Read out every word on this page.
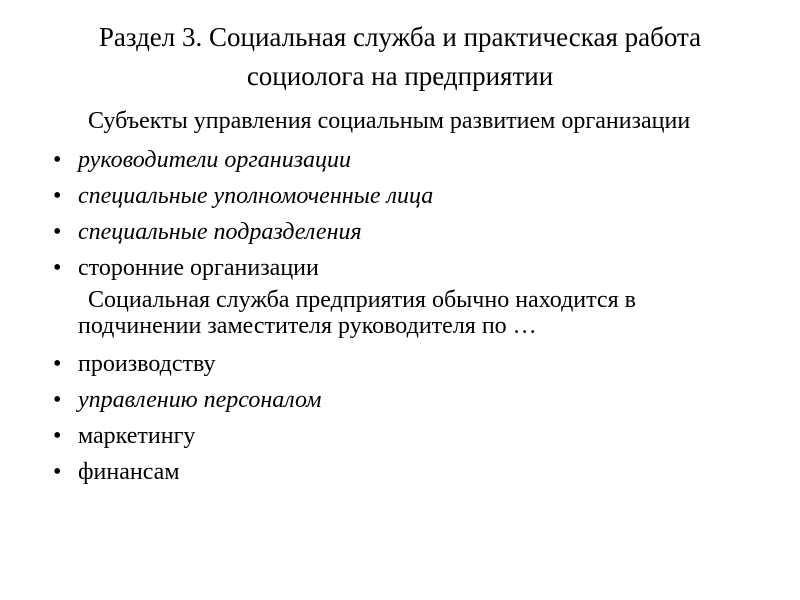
Раздел 3. Социальная служба и практическая работа
социолога на предприятии

Субъекты управления социальным развитием организации

• руководители организации
• специальные уполномоченные лица
• специальные подразделения
• сторонние организации

Социальная служба предприятия обычно находится в подчинении заместителя руководителя по …

• производству
• управлению персоналом
• маркетингу
• финансам
